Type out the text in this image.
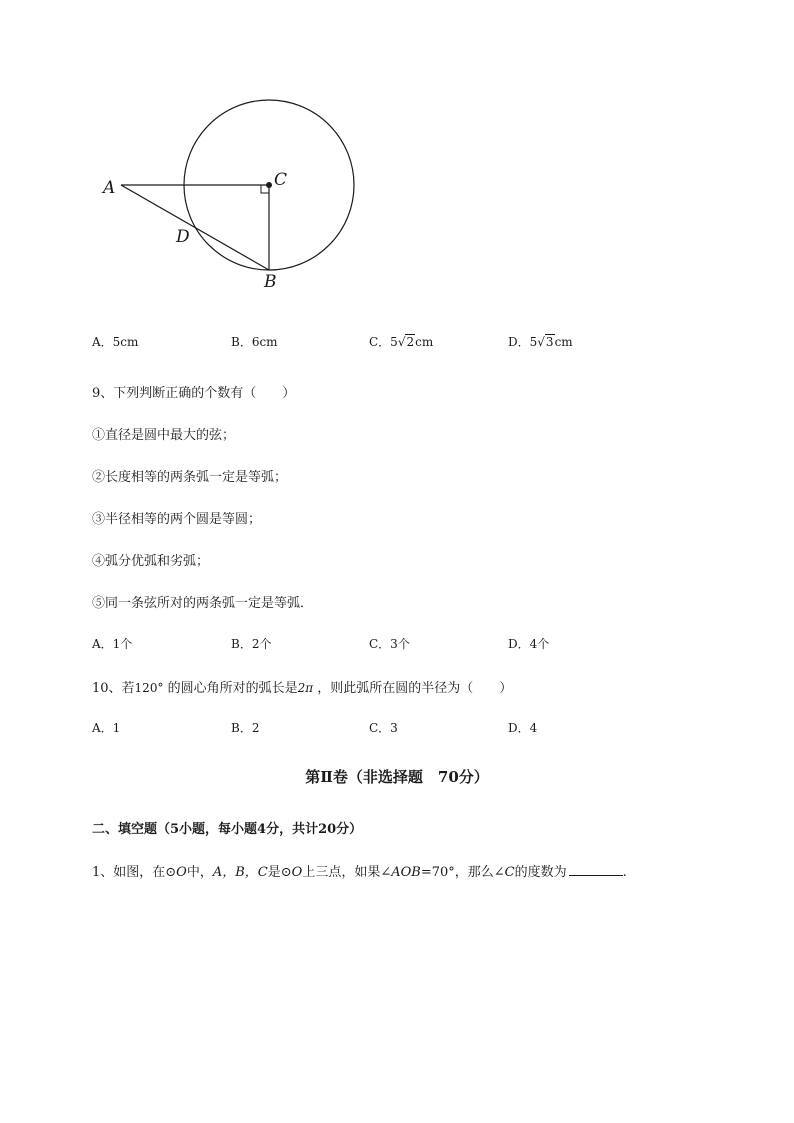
A	C
D
B
A．5cm	B．6cm	C．5√2cm	D．5√3cm
9、下列判断正确的个数有（　　）
①直径是圆中最大的弦；
②长度相等的两条弧一定是等弧；
③半径相等的两个圆是等圆；
④弧分优弧和劣弧；
⑤同一条弦所对的两条弧一定是等弧．
A．1个	B．2个	C．3个	D．4个
10、若120° 的圆心角所对的弧长是2π ，则此弧所在圆的半径为（　　）
A．1	B．2	C．3	D．4
第Ⅱ卷（非选择题　70分）
二、填空题（5小题，每小题4分，共计20分）
1、如图，在⊙O中，A，B，C是⊙O上三点，如果∠AOB=70°，那么∠C的度数为	.
